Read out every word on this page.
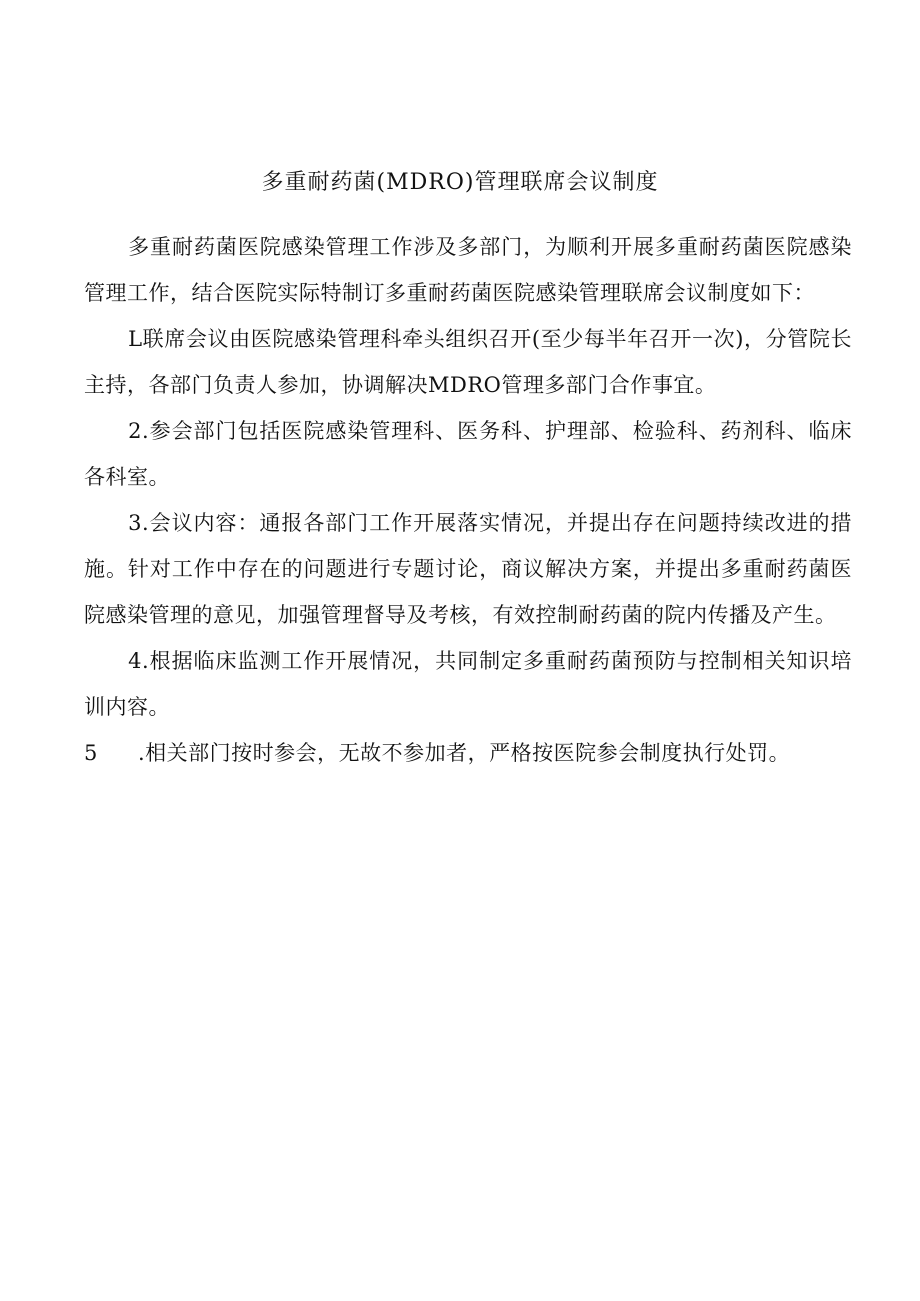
多重耐药菌(MDRO)管理联席会议制度

多重耐药菌医院感染管理工作涉及多部门，为顺利开展多重耐药菌医院感染管理工作，结合医院实际特制订多重耐药菌医院感染管理联席会议制度如下：

L联席会议由医院感染管理科牵头组织召开(至少每半年召开一次)，分管院长主持，各部门负责人参加，协调解决MDRO管理多部门合作事宜。

2.参会部门包括医院感染管理科、医务科、护理部、检验科、药剂科、临床各科室。

3.会议内容：通报各部门工作开展落实情况，并提出存在问题持续改进的措施。针对工作中存在的问题进行专题讨论，商议解决方案，并提出多重耐药菌医院感染管理的意见，加强管理督导及考核，有效控制耐药菌的院内传播及产生。

4.根据临床监测工作开展情况，共同制定多重耐药菌预防与控制相关知识培训内容。

5 .相关部门按时参会，无故不参加者，严格按医院参会制度执行处罚。
